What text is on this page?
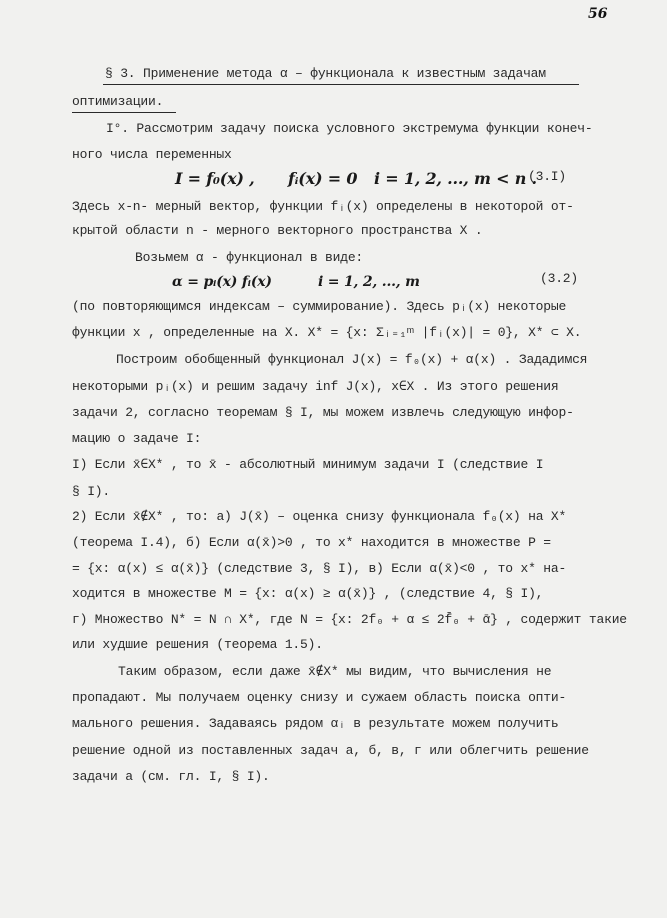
56
§ 3. Применение метода α – функционала к известным задачам
оптимизации.
I°. Рассмотрим задачу поиска условного экстремума функции конеч-
ного числа переменных
I = f₀(x) , fᵢ(x) = 0 i = 1, 2, ..., m < n .
(3.I)
Здесь x-n- мерный вектор, функции fᵢ(x) определены в некоторой от-
крытой области n - мерного векторного пространства X .
Возьмем α - функционал в виде:
α = pᵢ(x) fᵢ(x)	i = 1, 2, ..., m	(3.2)
(по повторяющимся индексам – суммирование). Здесь pᵢ(x) некоторые
функции x , определенные на X. X* = {x: Σᵢ₌₁ᵐ |fᵢ(x)| = 0}, X* ⊂ X.
Построим обобщенный функционал J(x) = f₀(x) + α(x) . Зададимся
некоторыми pᵢ(x) и решим задачу inf J(x), x∈X . Из этого решения
задачи 2, согласно теоремам § I, мы можем извлечь следующую инфор-
мацию о задаче I:
I) Если x̄∈X* , то x̄ - абсолютный минимум задачи I (следствие I
§ I).
2) Если x̄∉X* , то: а) J(x̄) – оценка снизу функционала f₀(x) на X*
(теорема I.4), б) Если α(x̄)>0 , то x* находится в множестве P =
= {x: α(x) ≤ α(x̄)} (следствие 3, § I), в) Если α(x̄)<0 , то x* на-
ходится в множестве M = {x: α(x) ≥ α(x̄)} , (следствие 4, § I),
г) Множество N* = N ∩ X*, где N = {x: 2f₀ + α ≤ 2f̄₀ + ᾱ} , содержит такие
или худшие решения (теорема 1.5).
Таким образом, если даже x̄∉X* мы видим, что вычисления не
пропадают. Мы получаем оценку снизу и сужаем область поиска опти-
мального решения. Задаваясь рядом αᵢ в результате можем получить
решение одной из поставленных задач а, б, в, г или облегчить решение
задачи а (см. гл. I, § I).
